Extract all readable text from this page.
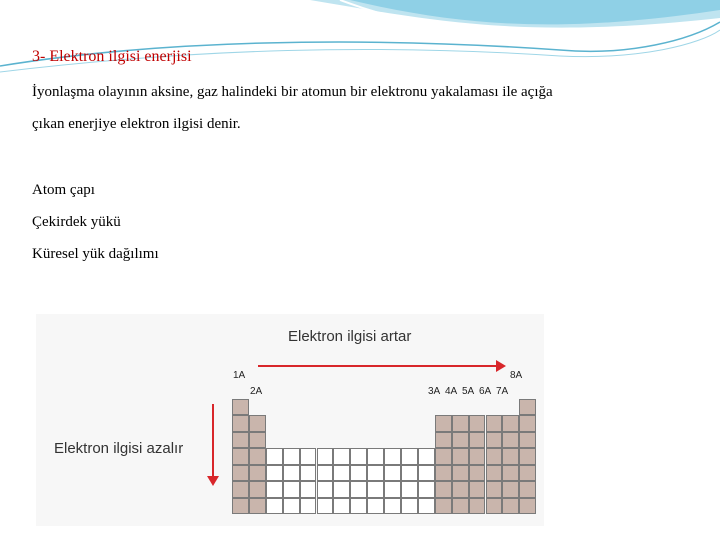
3- Elektron ilgisi enerjisi

İyonlaşma olayının aksine, gaz halindeki bir atomun bir elektronu yakalaması ile açığa

çıkan enerjiye elektron ilgisi denir.

Atom çapı

Çekirdek yükü

Küresel yük dağılımı

Elektron ilgisi artar

Elektron ilgisi azalır

1A
2A	3A 4A 5A 6A 7A
8A
